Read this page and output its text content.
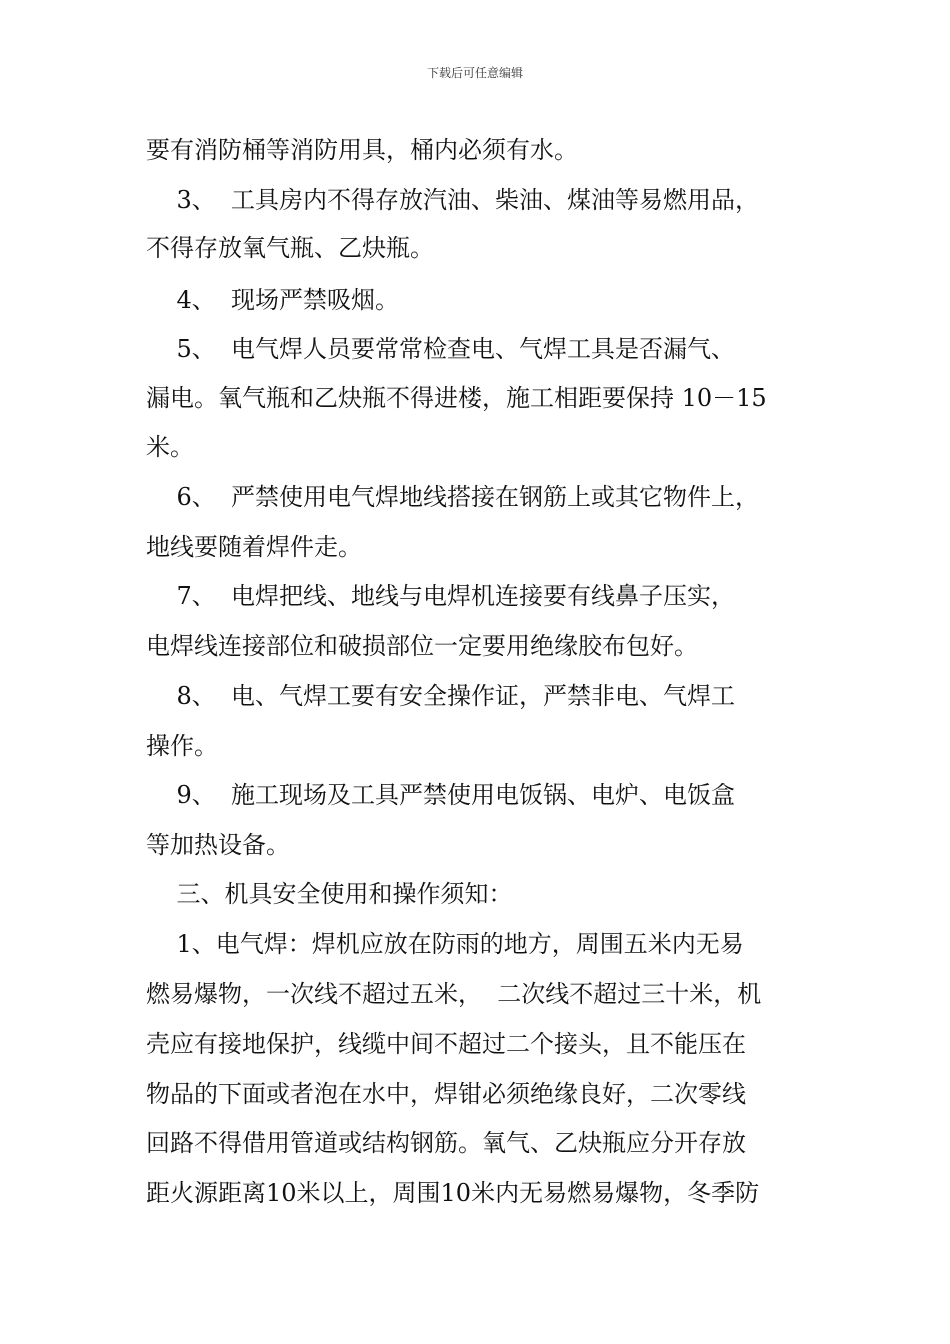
下载后可任意编辑
要有消防桶等消防用具，桶内必须有水。
3、  工具房内不得存放汽油、柴油、煤油等易燃用品，
不得存放氧气瓶、乙炔瓶。
4、  现场严禁吸烟。
5、  电气焊人员要常常检查电、气焊工具是否漏气、
漏电。氧气瓶和乙炔瓶不得进楼，施工相距要保持 10－15
米。
6、  严禁使用电气焊地线搭接在钢筋上或其它物件上，
地线要随着焊件走。
7、  电焊把线、地线与电焊机连接要有线鼻子压实，
电焊线连接部位和破损部位一定要用绝缘胶布包好。
8、  电、气焊工要有安全操作证，严禁非电、气焊工
操作。
9、  施工现场及工具严禁使用电饭锅、电炉、电饭盒
等加热设备。
三、机具安全使用和操作须知：
1、电气焊：焊机应放在防雨的地方，周围五米内无易
燃易爆物，一次线不超过五米，  二次线不超过三十米，机
壳应有接地保护，线缆中间不超过二个接头，且不能压在
物品的下面或者泡在水中，焊钳必须绝缘良好，二次零线
回路不得借用管道或结构钢筋。氧气、乙炔瓶应分开存放
距火源距离10米以上，周围10米内无易燃易爆物，冬季防
